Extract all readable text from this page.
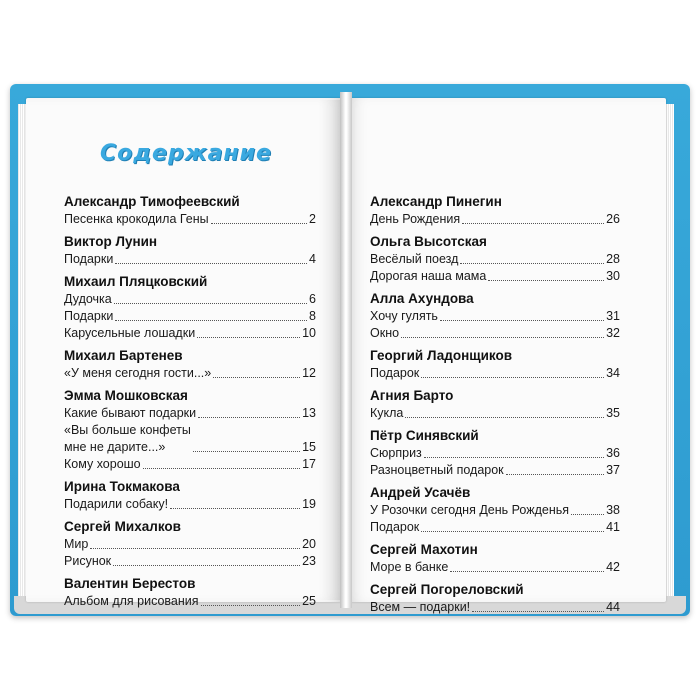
Содержание
Александр Тимофеевский
Песенка крокодила Гены	2
Виктор Лунин
Подарки	4
Михаил Пляцковский
Дудочка	6
Подарки	8
Карусельные лошадки	10
Михаил Бартенев
«У меня сегодня гости...»	12
Эмма Мошковская
Какие бывают подарки	13
«Вы больше конфеты
мне не дарите...»	15
Кому хорошо	17
Ирина Токмакова
Подарили собаку!	19
Сергей Михалков
Мир	20
Рисунок	23
Валентин Берестов
Альбом для рисования	25
Александр Пинегин
День Рождения	26
Ольга Высотская
Весёлый поезд	28
Дорогая наша мама	30
Алла Ахундова
Хочу гулять	31
Окно	32
Георгий Ладонщиков
Подарок	34
Агния Барто
Кукла	35
Пётр Синявский
Сюрприз	36
Разноцветный подарок	37
Андрей Усачёв
У Розочки сегодня День Рожденья	38
Подарок	41
Сергей Махотин
Море в банке	42
Сергей Погореловский
Всем — подарки!	44
